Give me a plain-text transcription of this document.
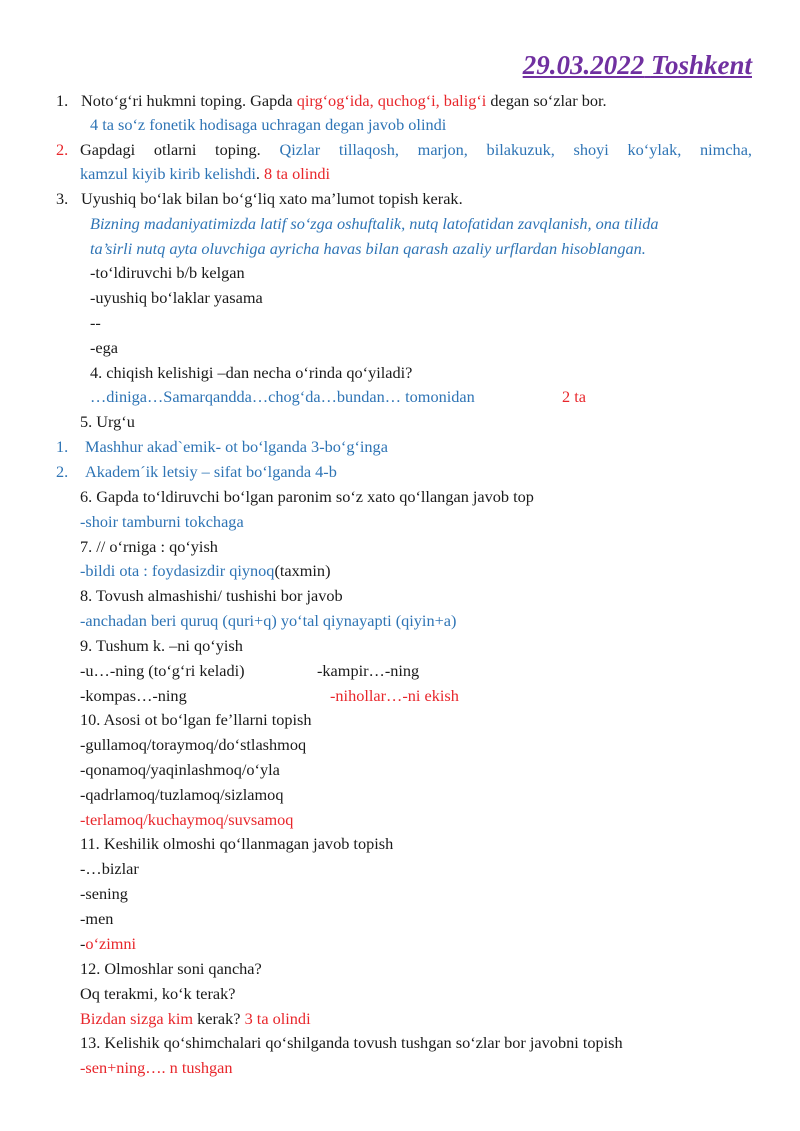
29.03.2022 Toshkent
1. Noto‘g‘ri hukmni toping. Gapda qirg‘og‘ida, quchog‘i, balig‘i degan so‘zlar bor.
4 ta so‘z fonetik hodisaga uchragan degan javob olindi
2. Gapdagi otlarni toping. Qizlar tillaqosh, marjon, bilakuzuk, shoyi ko‘ylak, nimcha,
kamzul kiyib kirib kelishdi. 8 ta olindi
3. Uyushiq bo‘lak bilan bo‘g‘liq xato ma’lumot topish kerak.
Bizning madaniyatimizda latif so‘zga oshuftalik, nutq latofatidan zavqlanish, ona tilida
ta’sirli nutq ayta oluvchiga ayricha havas bilan qarash azaliy urflardan hisoblangan.
-to‘ldiruvchi b/b kelgan
-uyushiq bo‘laklar yasama
--
-ega
4. chiqish kelishigi –dan necha o‘rinda qo‘yiladi?
…diniga…Samarqandda…chog‘da…bundan… tomonidan	2 ta
5. Urg‘u
1. Mashhur akad`emik- ot bo‘lganda 3-bo‘g‘inga
2. Akadem´ik letsiy – sifat bo‘lganda 4-b
6. Gapda to‘ldiruvchi bo‘lgan paronim so‘z xato qo‘llangan javob top
-shoir tamburni tokchaga
7. // o‘rniga : qo‘yish
-bildi ota : foydasizdir qiynoq(taxmin)
8. Tovush almashishi/ tushishi bor javob
-anchadan beri quruq (quri+q) yo‘tal qiynayapti (qiyin+a)
9. Tushum k. –ni qo‘yish
-u…-ning (to‘g‘ri keladi)	-kampir…-ning
-kompas…-ning	-nihollar…-ni ekish
10. Asosi ot bo‘lgan fe’llarni topish
-gullamoq/toraymoq/do‘stlashmoq
-qonamoq/yaqinlashmoq/o‘yla
-qadrlamoq/tuzlamoq/sizlamoq
-terlamoq/kuchaymoq/suvsamoq
11. Keshilik olmoshi qo‘llanmagan javob topish
-…bizlar
-sening
-men
-o‘zimni
12. Olmoshlar soni qancha?
Oq terakmi, ko‘k terak?
Bizdan sizga kim kerak? 3 ta olindi
13. Kelishik qo‘shimchalari qo‘shilganda tovush tushgan so‘zlar bor javobni topish
-sen+ning…. n tushgan
